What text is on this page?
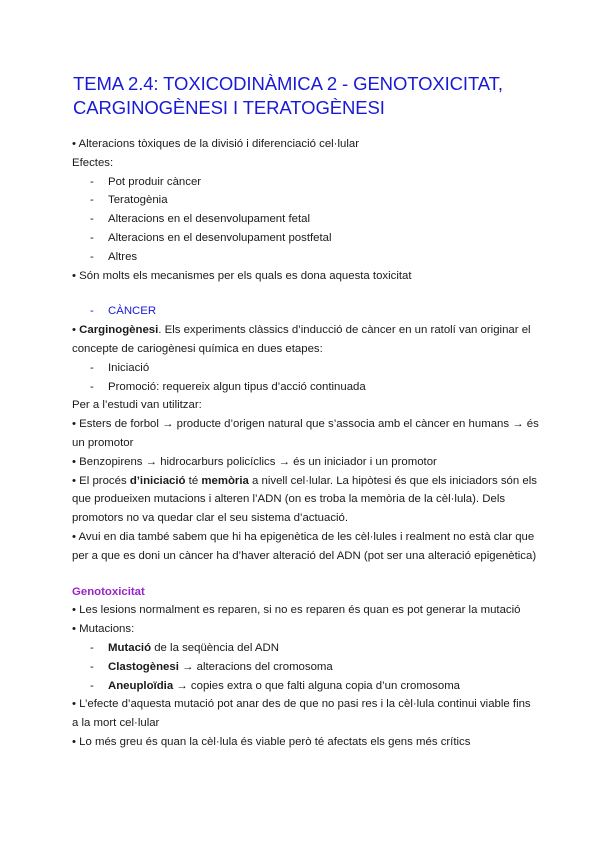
TEMA 2.4: TOXICODINÀMICA 2 - GENOTOXICITAT,
CARGINOGÈNESI I TERATOGÈNESI
• Alteracions tòxiques de la divisió i diferenciació cel·lular
Efectes:
- Pot produir càncer
- Teratogènia
- Alteracions en el desenvolupament fetal
- Alteracions en el desenvolupament postfetal
- Altres
• Són molts els mecanismes per els quals es dona aquesta toxicitat
- CÀNCER
• Carginogènesi. Els experiments clàssics d’inducció de càncer en un ratolí van originar el
concepte de cariogènesi química en dues etapes:
- Iniciació
- Promoció: requereix algun tipus d’acció continuada
Per a l’estudi van utilitzar:
• Esters de forbol → producte d’origen natural que s’associa amb el càncer en humans → és
un promotor
• Benzopirens → hidrocarburs policíclics → és un iniciador i un promotor
• El procés d’iniciació té memòria a nivell cel·lular. La hipòtesi és que els iniciadors són els
que produeixen mutacions i alteren l’ADN (on es troba la memòria de la cèl·lula). Dels
promotors no va quedar clar el seu sistema d’actuació.
• Avui en dia també sabem que hi ha epigenètica de les cèl·lules i realment no està clar que
per a que es doni un càncer ha d’haver alteració del ADN (pot ser una alteració epigenètica)
Genotoxicitat
• Les lesions normalment es reparen, si no es reparen és quan es pot generar la mutació
• Mutacions:
- Mutació de la seqüència del ADN
- Clastogènesi → alteracions del cromosoma
- Aneuploïdia → copies extra o que falti alguna copia d’un cromosoma
• L’efecte d’aquesta mutació pot anar des de que no pasi res i la cèl·lula continui viable fins
a la mort cel·lular
• Lo més greu és quan la cèl·lula és viable però té afectats els gens més crítics
